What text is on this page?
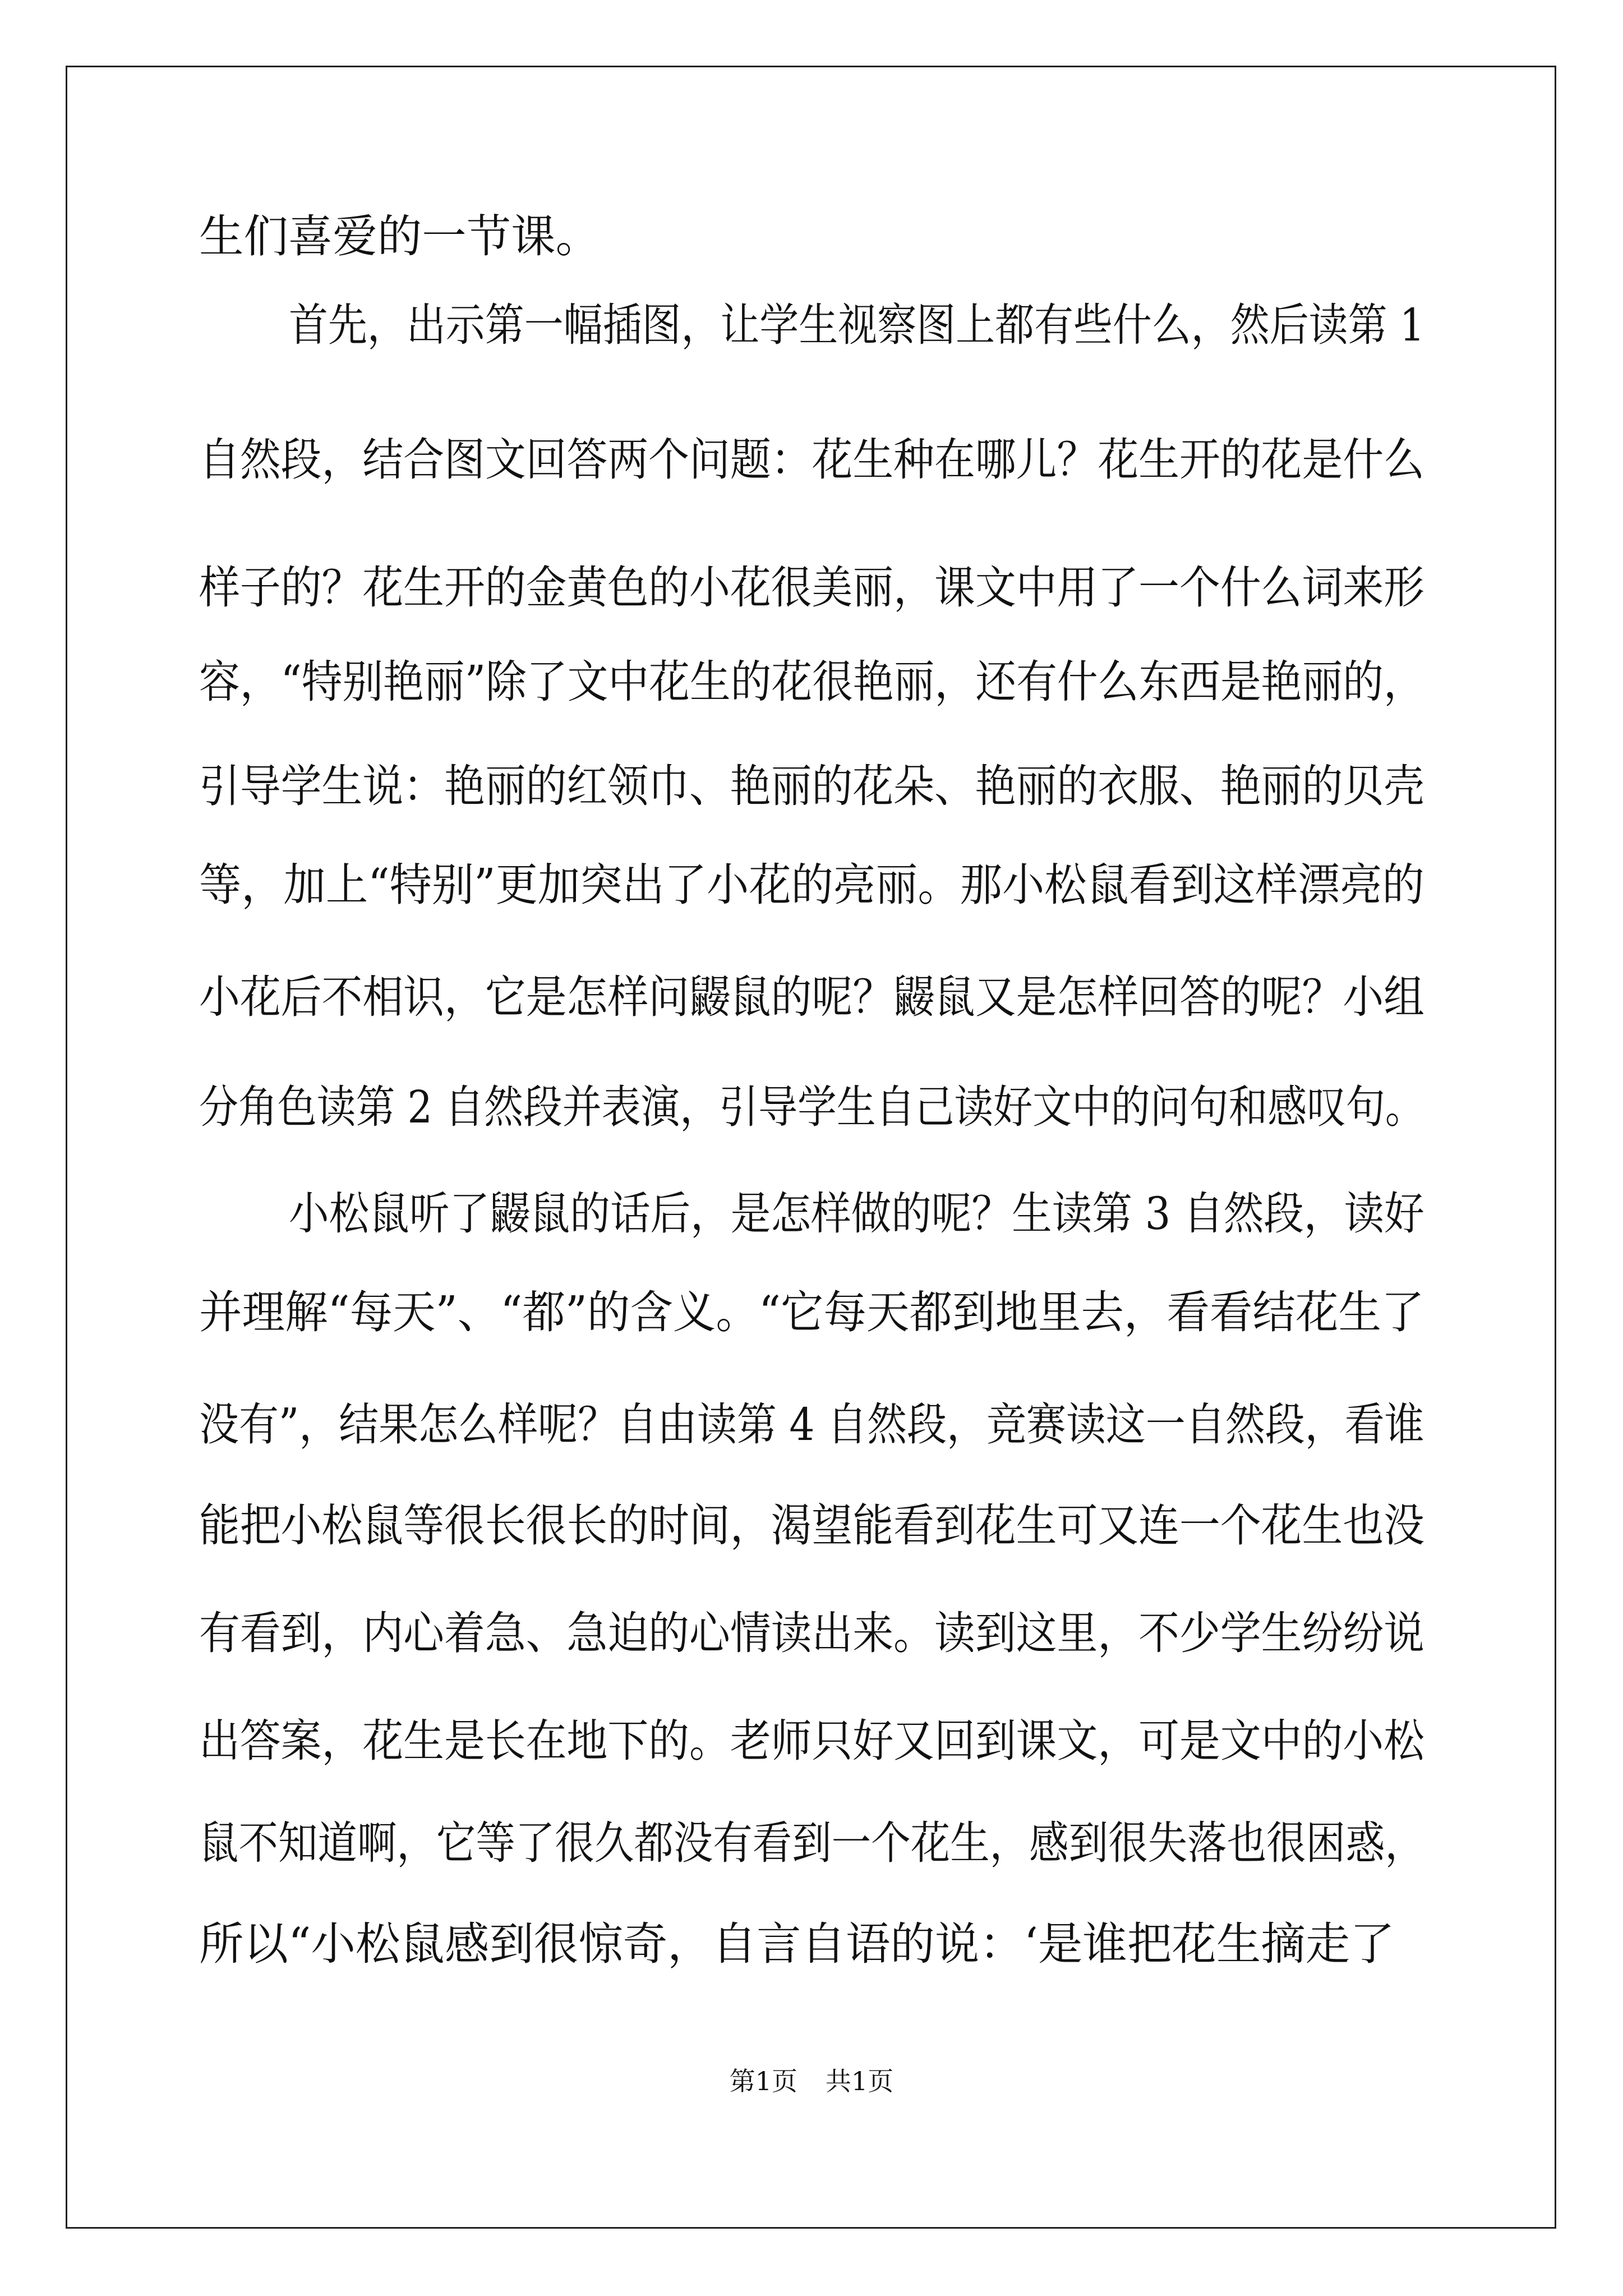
生们喜爱的一节课。
首先，出示第一幅插图，让学生视察图上都有些什么，然后读第 1
自然段，结合图文回答两个问题：花生种在哪儿？花生开的花是什么
样子的？花生开的金黄色的小花很美丽，课文中用了一个什么词来形
容，“特别艳丽”除了文中花生的花很艳丽，还有什么东西是艳丽的，
引导学生说：艳丽的红领巾、艳丽的花朵、艳丽的衣服、艳丽的贝壳
等，加上“特别”更加突出了小花的亮丽。那小松鼠看到这样漂亮的
小花后不相识，它是怎样问鼹鼠的呢？鼹鼠又是怎样回答的呢？小组
分角色读第 2 自然段并表演，引导学生自己读好文中的问句和感叹句。
小松鼠听了鼹鼠的话后，是怎样做的呢？生读第 3 自然段，读好
并理解“每天”、“都”的含义。“它每天都到地里去，看看结花生了
没有”，结果怎么样呢？自由读第 4 自然段，竞赛读这一自然段，看谁
能把小松鼠等很长很长的时间，渴望能看到花生可又连一个花生也没
有看到，内心着急、急迫的心情读出来。读到这里，不少学生纷纷说
出答案，花生是长在地下的。老师只好又回到课文，可是文中的小松
鼠不知道啊，它等了很久都没有看到一个花生，感到很失落也很困惑，
所以“小松鼠感到很惊奇，自言自语的说：‘是谁把花生摘走了
第1页 共1页
